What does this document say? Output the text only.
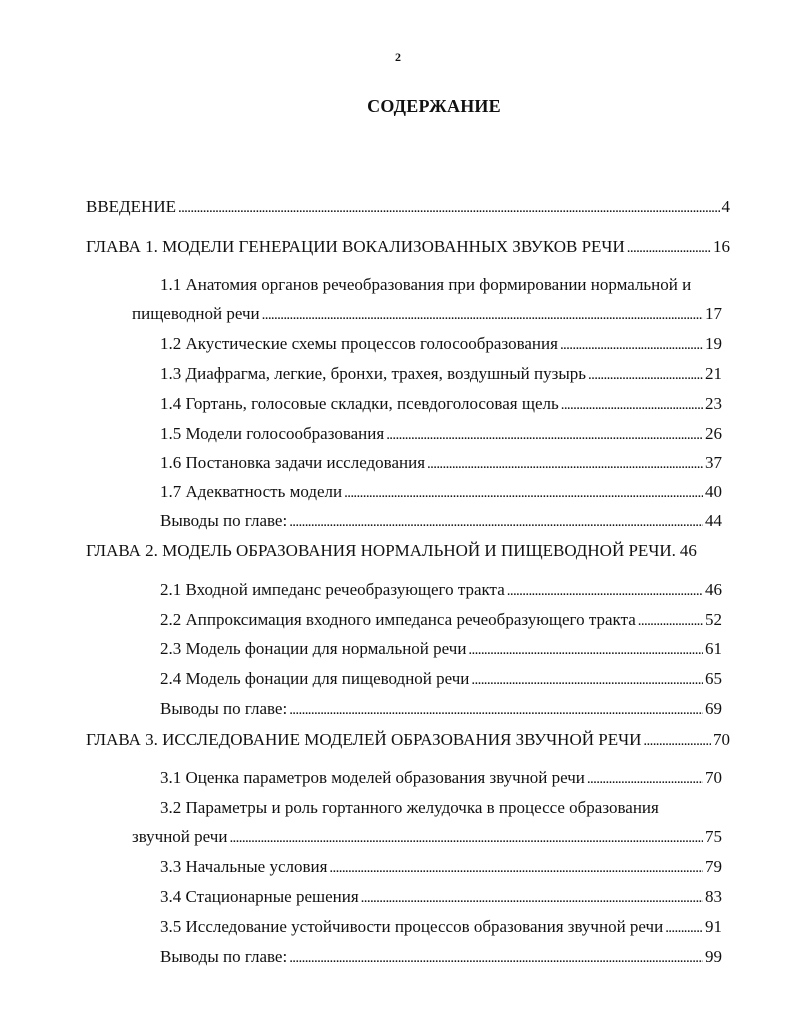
2
СОДЕРЖАНИЕ
ВВЕДЕНИЕ . . .	4
ГЛАВА 1. МОДЕЛИ ГЕНЕРАЦИИ ВОКАЛИЗОВАННЫХ ЗВУКОВ РЕЧИ . . .	16
1.1 Анатомия органов речеобразования при формировании нормальной и
пищеводной речи . . .	17
1.2 Акустические схемы процессов голосообразования . . .	19
1.3 Диафрагма, легкие, бронхи, трахея, воздушный пузырь . . .	21
1.4 Гортань, голосовые складки, псевдоголосовая щель . . .	23
1.5 Модели голосообразования . . .	26
1.6 Постановка задачи исследования . . .	37
1.7 Адекватность модели . . .	40
Выводы по главе: . . .	44
ГЛАВА 2. МОДЕЛЬ ОБРАЗОВАНИЯ НОРМАЛЬНОЙ И ПИЩЕВОДНОЙ РЕЧИ. 46
2.1 Входной импеданс речеобразующего тракта . . .	46
2.2 Аппроксимация входного импеданса речеобразующего тракта . . .	52
2.3 Модель фонации для нормальной речи . . .	61
2.4 Модель фонации для пищеводной речи . . .	65
Выводы по главе: . . .	69
ГЛАВА 3. ИССЛЕДОВАНИЕ МОДЕЛЕЙ ОБРАЗОВАНИЯ ЗВУЧНОЙ РЕЧИ . . .	70
3.1 Оценка параметров моделей образования звучной речи . . .	70
3.2 Параметры и роль гортанного желудочка в процессе образования
звучной речи . . .	75
3.3 Начальные условия . . .	79
3.4 Стационарные решения . . .	83
3.5 Исследование устойчивости процессов образования звучной речи . . . 91
Выводы по главе: . . .	99
